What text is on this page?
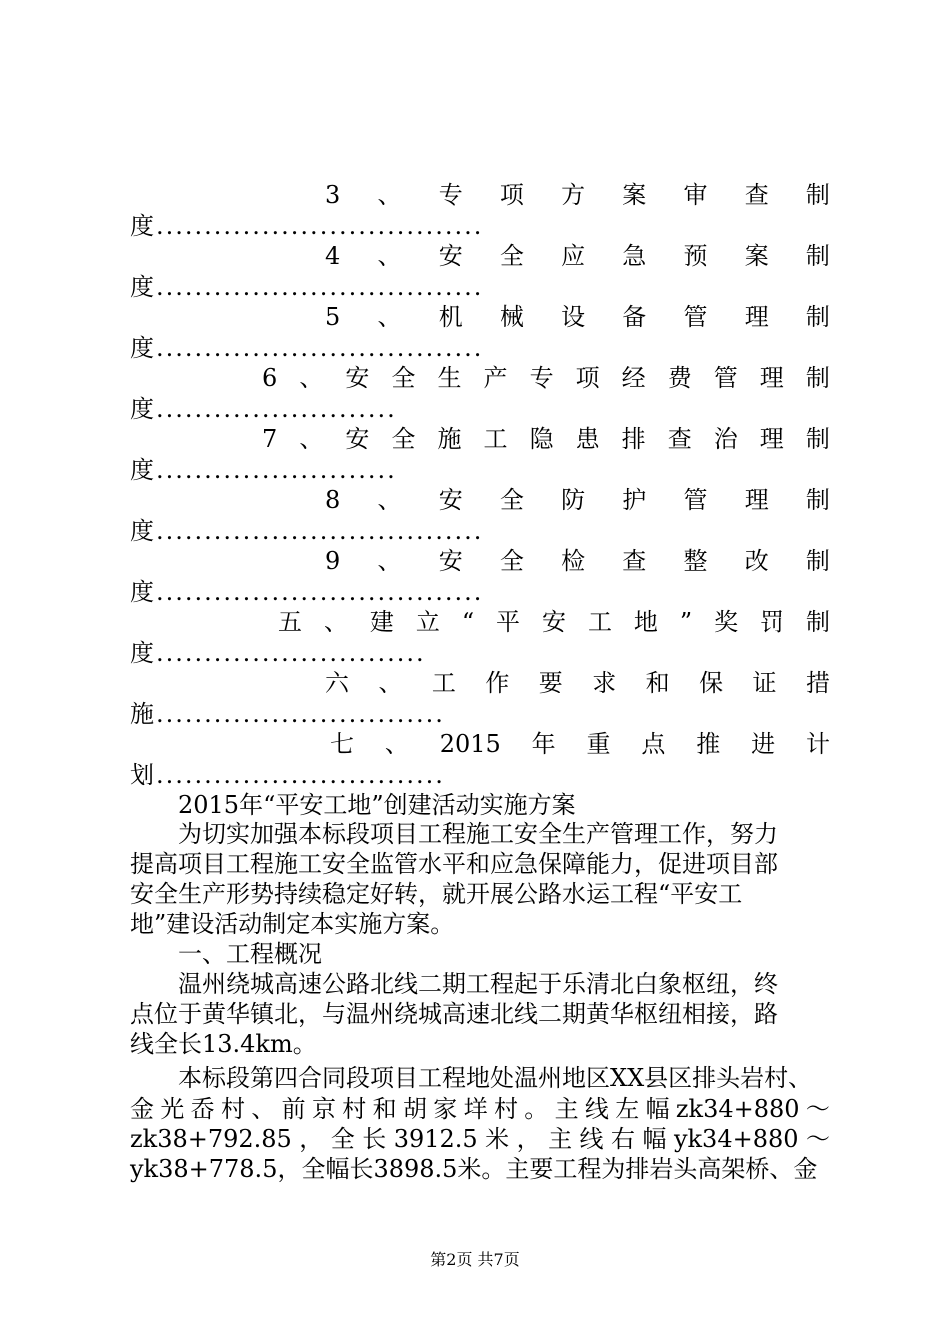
3 、 专 项 方 案 审 查 制
度..................................
4 、 安 全 应 急 预 案 制
度..................................
5 、 机 械 设 备 管 理 制
度..................................
6 、 安 全 生 产 专 项 经 费 管 理 制
度.........................
7 、 安 全 施 工 隐 患 排 查 治 理 制
度.........................
8 、 安 全 防 护 管 理 制
度..................................
9 、 安 全 检 查 整 改 制
度..................................
五 、 建 立 “ 平 安 工 地 ” 奖 罚 制
度............................
六 、 工 作 要 求 和 保 证 措
施..............................
七 、 2015 年 重 点 推 进 计
划..............................
2015年“平安工地”创建活动实施方案
为切实加强本标段项目工程施工安全生产管理工作，努力
提高项目工程施工安全监管水平和应急保障能力，促进项目部
安全生产形势持续稳定好转，就开展公路水运工程“平安工
地”建设活动制定本实施方案。
一、工程概况
温州绕城高速公路北线二期工程起于乐清北白象枢纽，终
点位于黄华镇北，与温州绕城高速北线二期黄华枢纽相接，路
线全长13.4km。
本标段第四合同段项目工程地处温州地区XX县区排头岩村、
金 光 岙 村 、 前 京 村 和 胡 家 垟 村 。 主 线 左 幅 zk34+880 ～
zk38+792.85 ， 全 长 3912.5 米 ， 主 线 右 幅 yk34+880 ～
yk38+778.5，全幅长3898.5米。主要工程为排岩头高架桥、金
第2页 共7页
